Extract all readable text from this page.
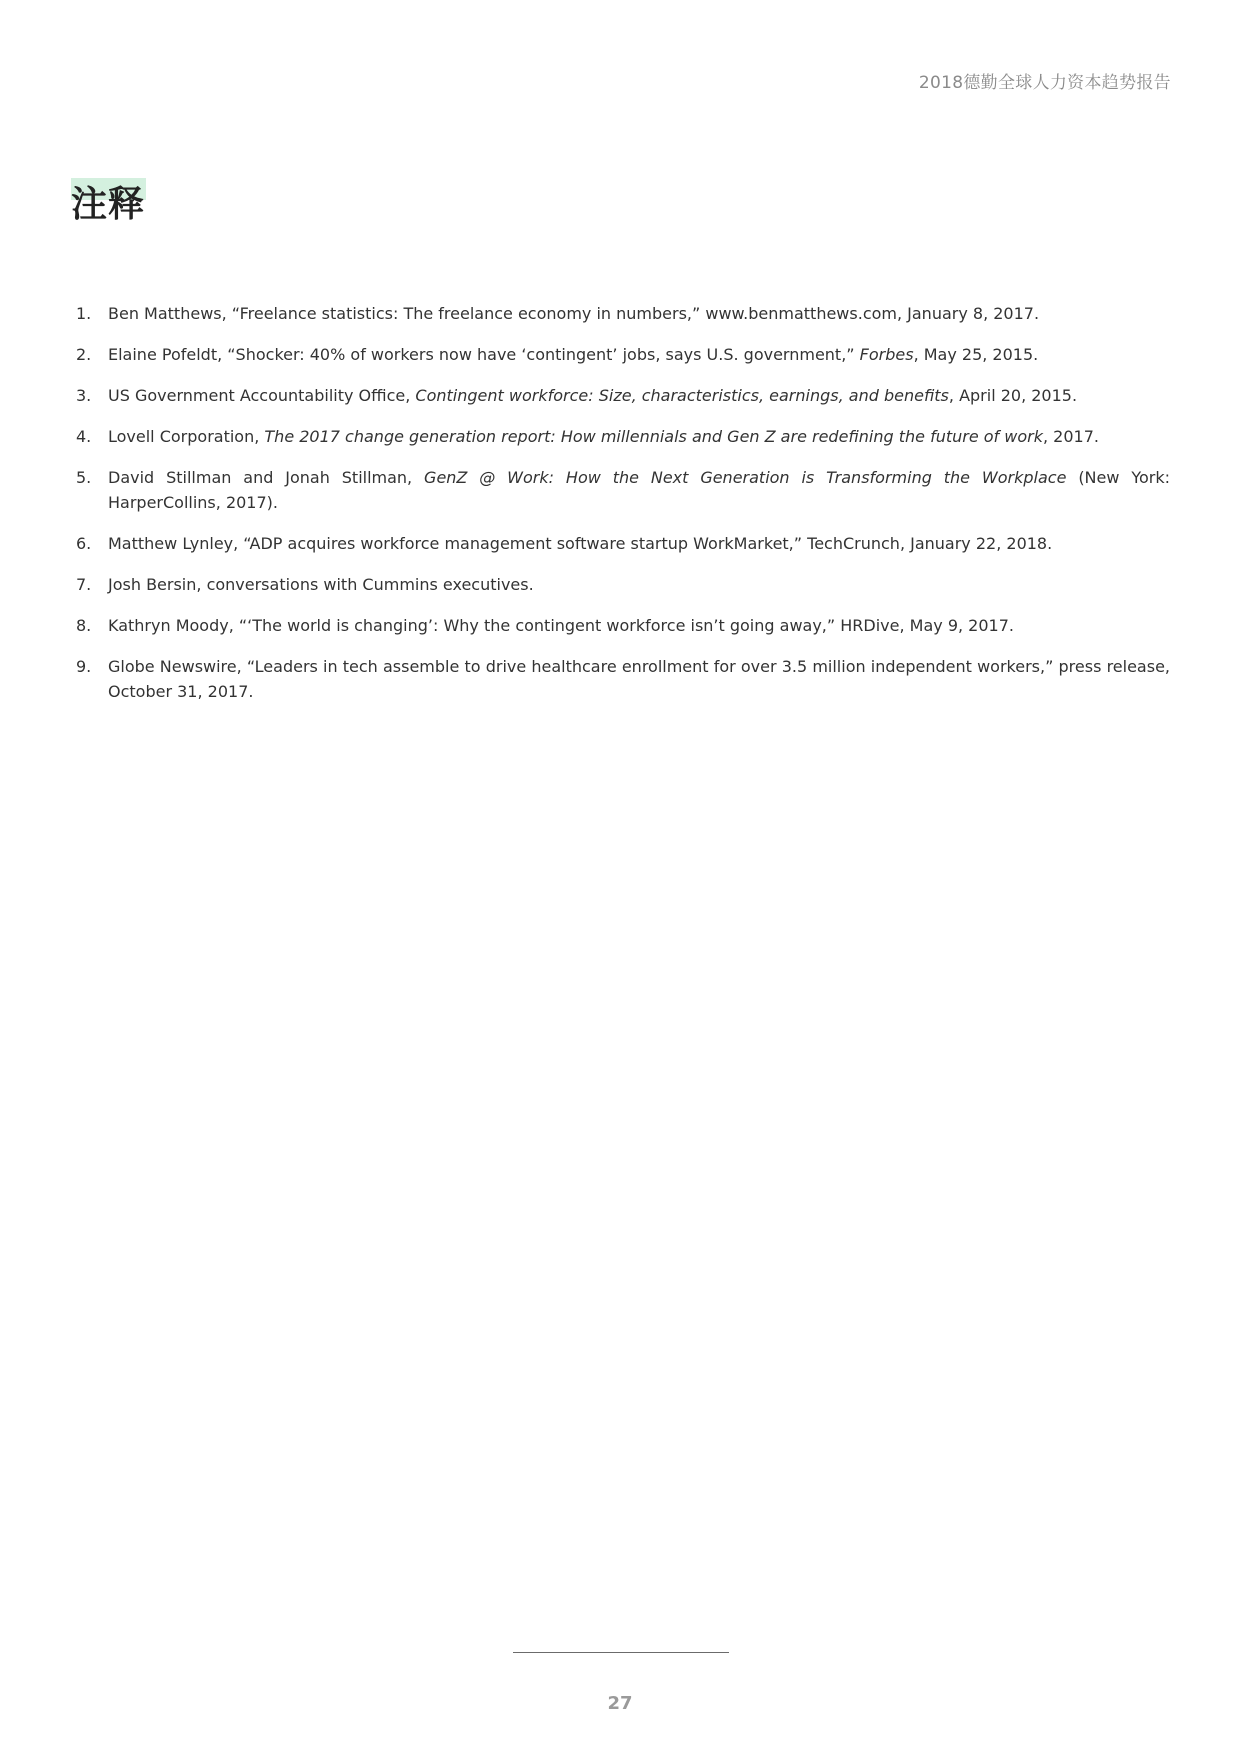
2018德勤全球人力资本趋势报告
注释
1.	Ben Matthews, “Freelance statistics: The freelance economy in numbers,” www.benmatthews.com, January 8, 2017.
2.	Elaine Pofeldt, “Shocker: 40% of workers now have ‘contingent’ jobs, says U.S. government,” Forbes, May 25, 2015.
3.	US Government Accountability Office, Contingent workforce: Size, characteristics, earnings, and benefits, April 20, 2015.
4.	Lovell Corporation, The 2017 change generation report: How millennials and Gen Z are redefining the future of work, 2017.
5.	David Stillman and Jonah Stillman, GenZ @ Work: How the Next Generation is Transforming the Workplace (New York: HarperCollins, 2017).
6.	Matthew Lynley, “ADP acquires workforce management software startup WorkMarket,” TechCrunch, January 22, 2018.
7.	Josh Bersin, conversations with Cummins executives.
8.	Kathryn Moody, “‘The world is changing’: Why the contingent workforce isn’t going away,” HRDive, May 9, 2017.
9.	Globe Newswire, “Leaders in tech assemble to drive healthcare enrollment for over 3.5 million independent workers,” press release, October 31, 2017.
27
